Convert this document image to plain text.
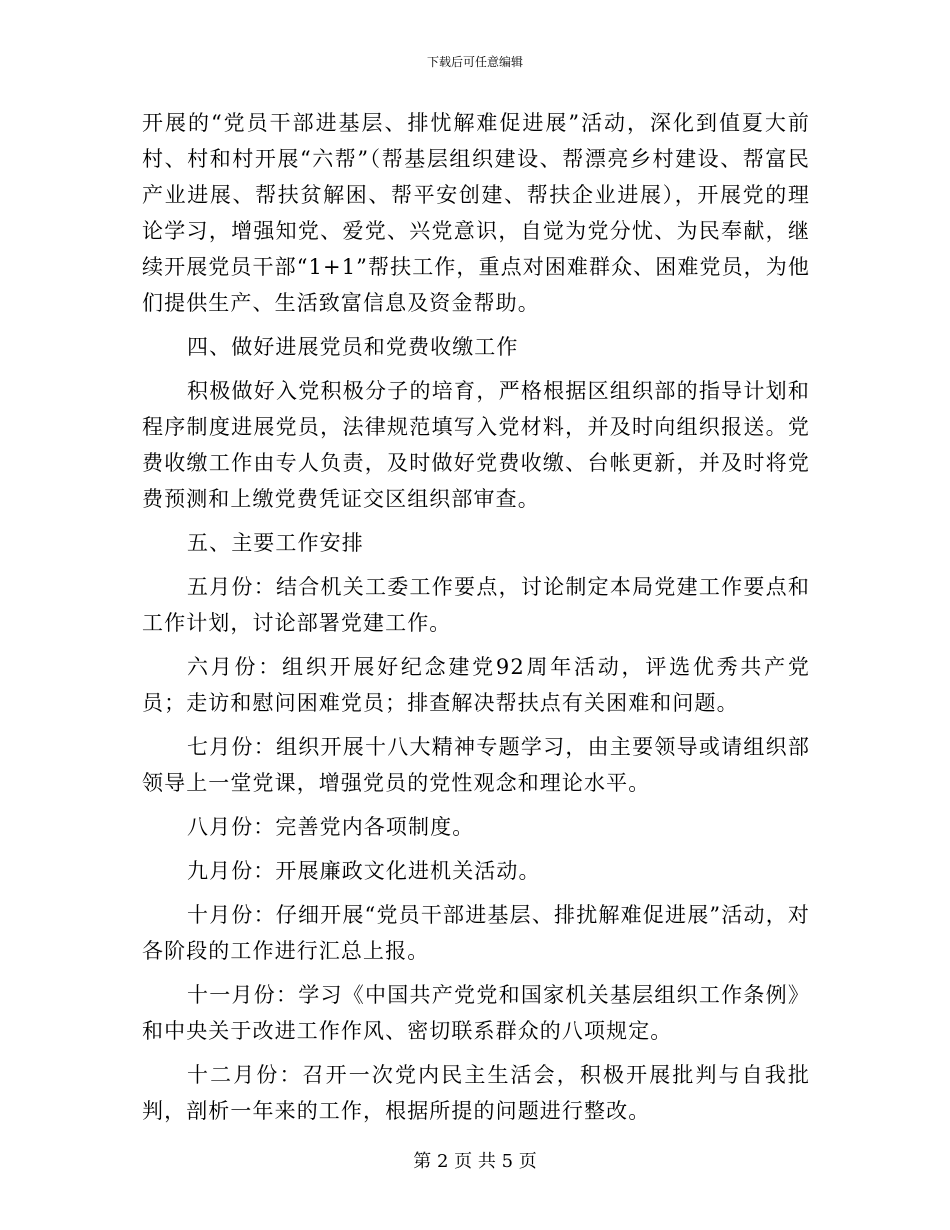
下载后可任意编辑

开展的“党员干部进基层、排忧解难促进展”活动，深化到值夏大前村、村和村开展“六帮”（帮基层组织建设、帮漂亮乡村建设、帮富民产业进展、帮扶贫解困、帮平安创建、帮扶企业进展），开展党的理论学习，增强知党、爱党、兴党意识，自觉为党分忧、为民奉献，继续开展党员干部“1+1”帮扶工作，重点对困难群众、困难党员，为他们提供生产、生活致富信息及资金帮助。

四、做好进展党员和党费收缴工作

积极做好入党积极分子的培育，严格根据区组织部的指导计划和程序制度进展党员，法律规范填写入党材料，并及时向组织报送。党费收缴工作由专人负责，及时做好党费收缴、台帐更新，并及时将党费预测和上缴党费凭证交区组织部审查。

五、主要工作安排

五月份：结合机关工委工作要点，讨论制定本局党建工作要点和工作计划，讨论部署党建工作。

六月份：组织开展好纪念建党92周年活动，评选优秀共产党员；走访和慰问困难党员；排查解决帮扶点有关困难和问题。

七月份：组织开展十八大精神专题学习，由主要领导或请组织部领导上一堂党课，增强党员的党性观念和理论水平。

八月份：完善党内各项制度。

九月份：开展廉政文化进机关活动。

十月份：仔细开展“党员干部进基层、排扰解难促进展”活动，对各阶段的工作进行汇总上报。

十一月份：学习《中国共产党党和国家机关基层组织工作条例》和中央关于改进工作作风、密切联系群众的八项规定。

十二月份：召开一次党内民主生活会，积极开展批判与自我批判，剖析一年来的工作，根据所提的问题进行整改。

第 2 页 共 5 页
